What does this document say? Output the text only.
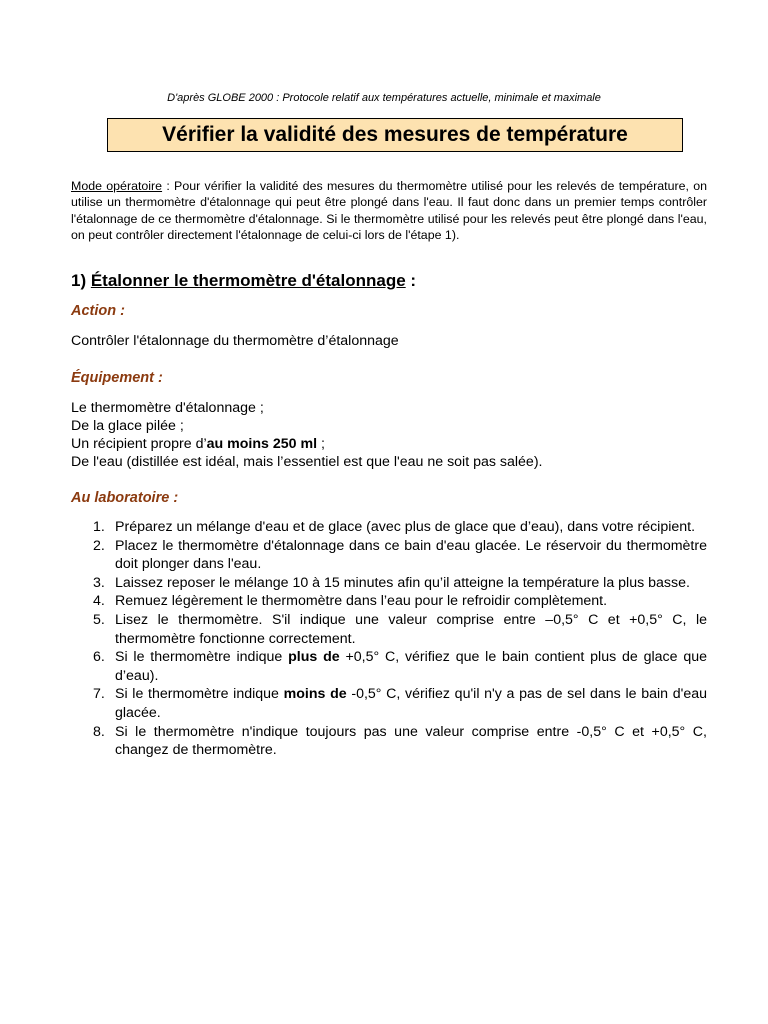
D'après GLOBE 2000 : Protocole relatif aux températures actuelle, minimale et maximale
Vérifier la validité des mesures de température
Mode opératoire : Pour vérifier la validité des mesures du thermomètre utilisé pour les relevés de température, on utilise un thermomètre d'étalonnage qui peut être plongé dans l'eau. Il faut donc dans un premier temps contrôler l'étalonnage de ce thermomètre d'étalonnage. Si le thermomètre utilisé pour les relevés peut être plongé dans l'eau, on peut contrôler directement l'étalonnage de celui-ci lors de l'étape 1).
1) Étalonner le thermomètre d'étalonnage :
Action :
Contrôler l'étalonnage du thermomètre d’étalonnage
Équipement :
Le thermomètre d'étalonnage ;
De la glace pilée ;
Un récipient propre d’au moins 250 ml ;
De l'eau (distillée est idéal, mais l’essentiel est que l'eau ne soit pas salée).
Au laboratoire :
1. Préparez un mélange d'eau et de glace (avec plus de glace que d’eau), dans votre récipient.
2. Placez le thermomètre d'étalonnage dans ce bain d'eau glacée. Le réservoir du thermomètre doit plonger dans l'eau.
3. Laissez reposer le mélange 10 à 15 minutes afin qu’il atteigne la température la plus basse.
4. Remuez légèrement le thermomètre dans l’eau pour le refroidir complètement.
5. Lisez le thermomètre. S'il indique une valeur comprise entre –0,5° C et +0,5° C, le thermomètre fonctionne correctement.
6. Si le thermomètre indique plus de +0,5° C, vérifiez que le bain contient plus de glace que d’eau).
7. Si le thermomètre indique moins de -0,5° C, vérifiez qu'il n'y a pas de sel dans le bain d'eau glacée.
8. Si le thermomètre n'indique toujours pas une valeur comprise entre -0,5° C et +0,5° C, changez de thermomètre.
